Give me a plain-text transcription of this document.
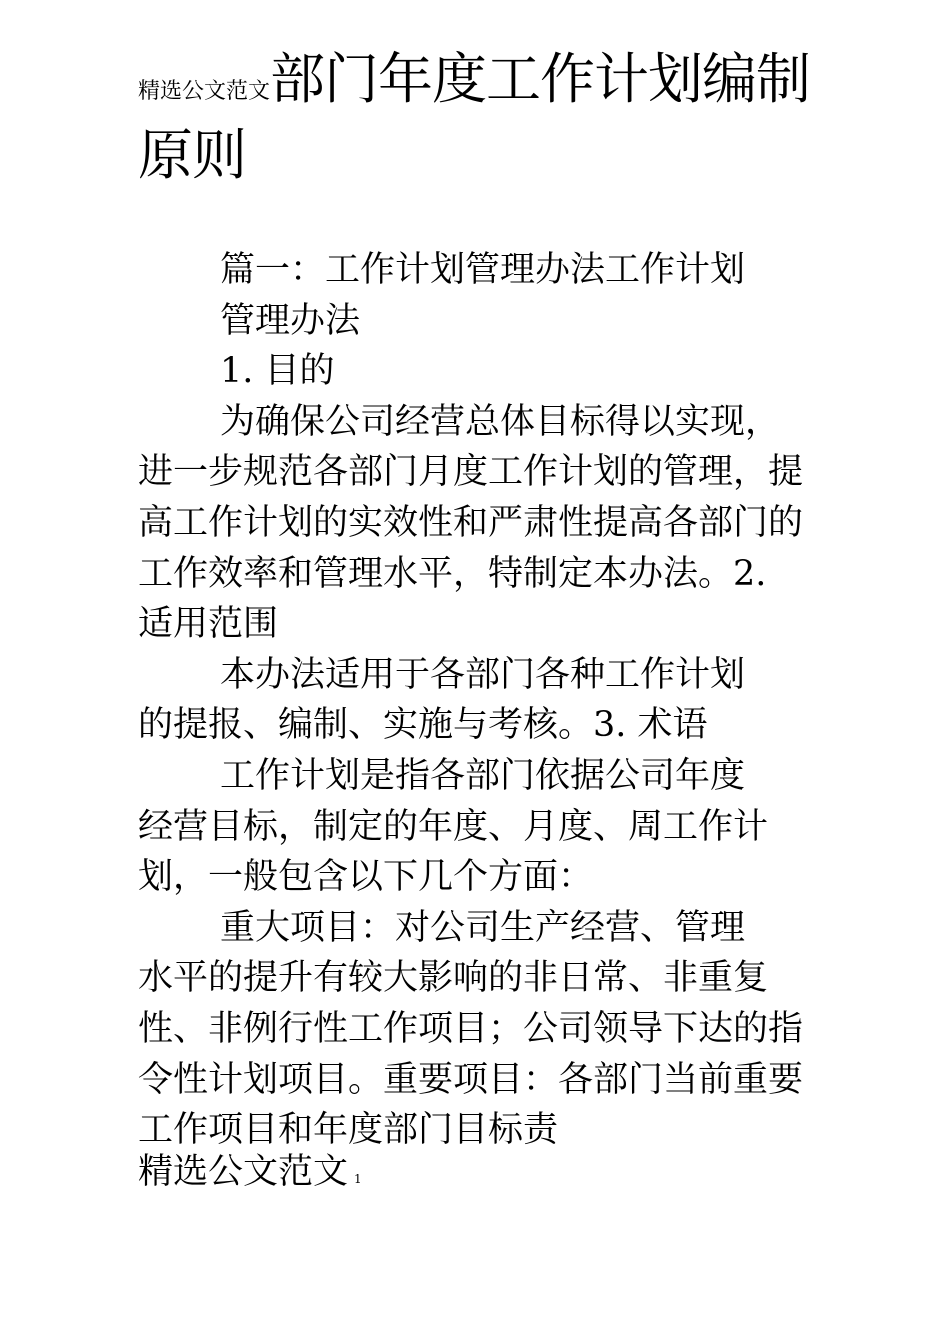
精选公文范文部门年度工作计划编制原则

篇一：工作计划管理办法工作计划

管理办法

1. 目的

为确保公司经营总体目标得以实现，

进一步规范各部门月度工作计划的管理，提高工作计划的实效性和严肃性提高各部门的工作效率和管理水平，特制定本办法。2. 适用范围

本办法适用于各部门各种工作计划

的提报、编制、实施与考核。3. 术语

工作计划是指各部门依据公司年度

经营目标，制定的年度、月度、周工作计划，一般包含以下几个方面：

重大项目：对公司生产经营、管理

水平的提升有较大影响的非日常、非重复性、非例行性工作项目；公司领导下达的指令性计划项目。重要项目：各部门当前重要工作项目和年度部门目标责

精选公文范文 1
